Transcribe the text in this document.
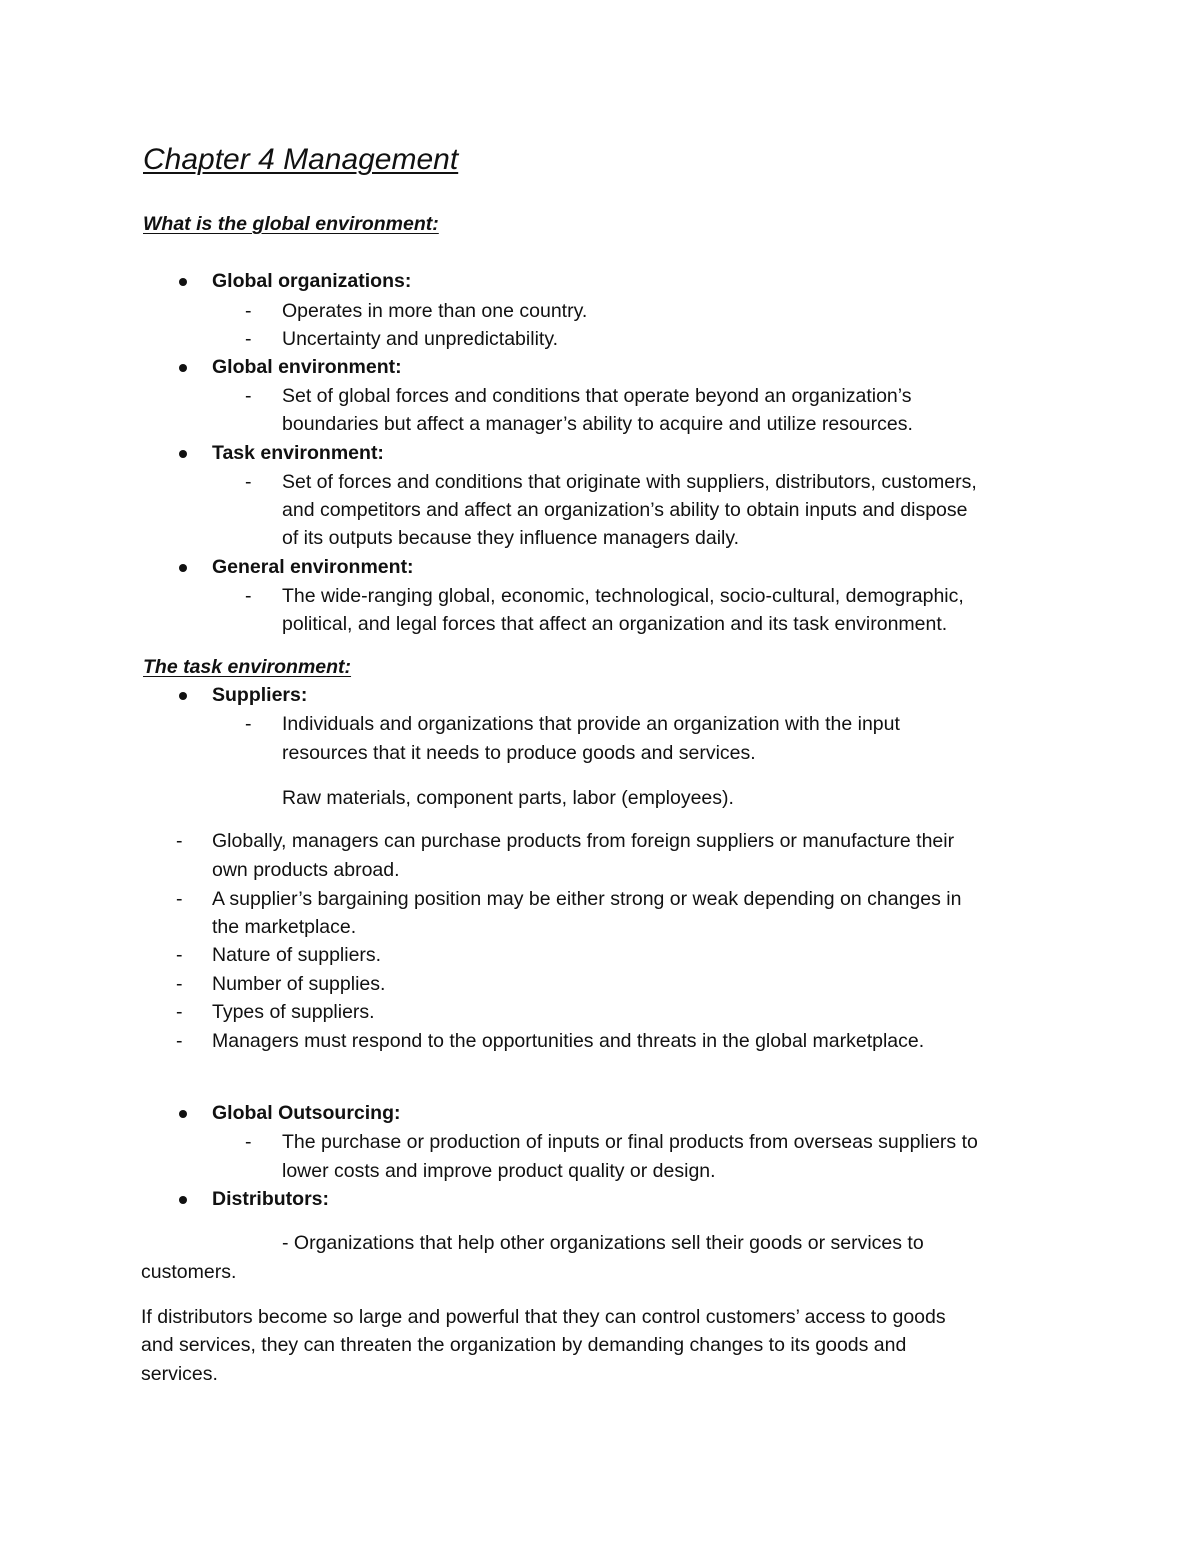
Chapter 4 Management
What is the global environment:
Global organizations:
- Operates in more than one country.
- Uncertainty and unpredictability.
Global environment:
- Set of global forces and conditions that operate beyond an organization’s
boundaries but affect a manager’s ability to acquire and utilize resources.
Task environment:
- Set of forces and conditions that originate with suppliers, distributors, customers,
and competitors and affect an organization’s ability to obtain inputs and dispose
of its outputs because they influence managers daily.
General environment:
- The wide-ranging global, economic, technological, socio-cultural, demographic,
political, and legal forces that affect an organization and its task environment.
The task environment:
Suppliers:
- Individuals and organizations that provide an organization with the input
resources that it needs to produce goods and services.
Raw materials, component parts, labor (employees).
- Globally, managers can purchase products from foreign suppliers or manufacture their
own products abroad.
- A supplier’s bargaining position may be either strong or weak depending on changes in
the marketplace.
- Nature of suppliers.
- Number of supplies.
- Types of suppliers.
- Managers must respond to the opportunities and threats in the global marketplace.
Global Outsourcing:
- The purchase or production of inputs or final products from overseas suppliers to
lower costs and improve product quality or design.
Distributors:
- Organizations that help other organizations sell their goods or services to
customers.
If distributors become so large and powerful that they can control customers’ access to goods
and services, they can threaten the organization by demanding changes to its goods and
services.
